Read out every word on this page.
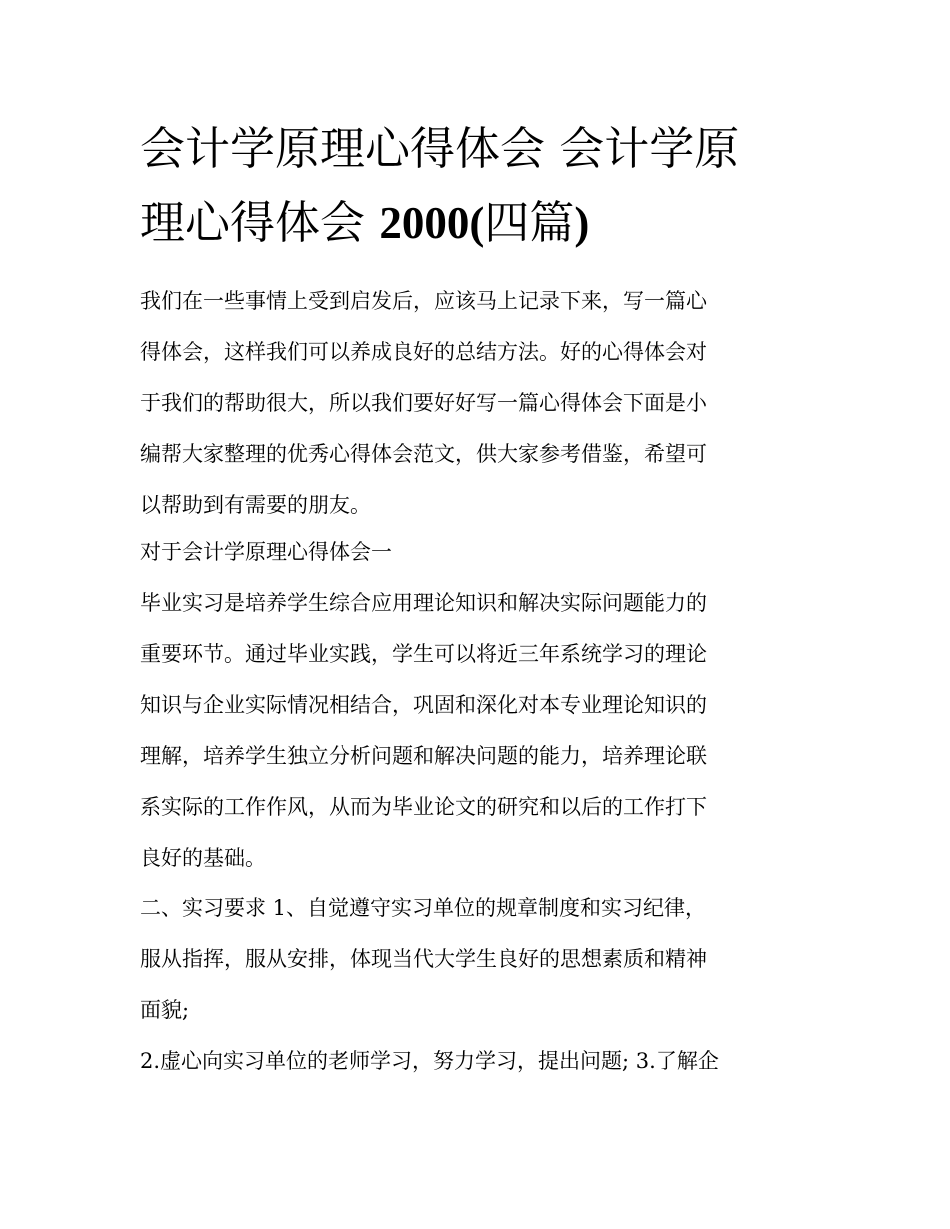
会计学原理心得体会 会计学原
理心得体会 2000(四篇)
我们在一些事情上受到启发后，应该马上记录下来，写一篇心
得体会，这样我们可以养成良好的总结方法。好的心得体会对
于我们的帮助很大，所以我们要好好写一篇心得体会下面是小
编帮大家整理的优秀心得体会范文，供大家参考借鉴，希望可
以帮助到有需要的朋友。
对于会计学原理心得体会一
毕业实习是培养学生综合应用理论知识和解决实际问题能力的
重要环节。通过毕业实践，学生可以将近三年系统学习的理论
知识与企业实际情况相结合，巩固和深化对本专业理论知识的
理解，培养学生独立分析问题和解决问题的能力，培养理论联
系实际的工作作风，从而为毕业论文的研究和以后的工作打下
良好的基础。
二、实习要求 1、自觉遵守实习单位的规章制度和实习纪律，
服从指挥，服从安排，体现当代大学生良好的思想素质和精神
面貌;
2.虚心向实习单位的老师学习，努力学习，提出问题; 3.了解企
